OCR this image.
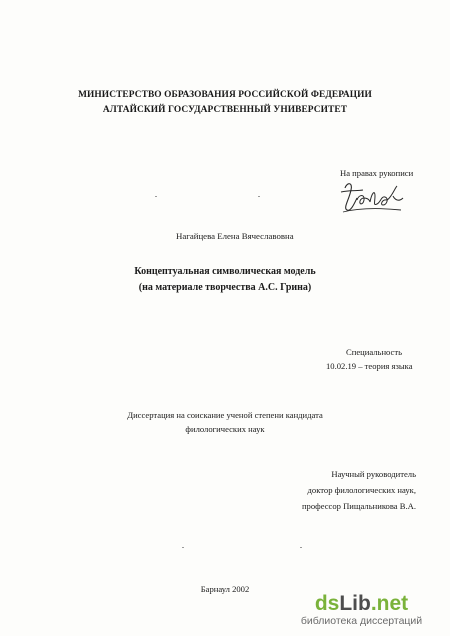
МИНИСТЕРСТВО ОБРАЗОВАНИЯ РОССИЙСКОЙ ФЕДЕРАЦИИ
АЛТАЙСКИЙ ГОСУДАРСТВЕННЫЙ УНИВЕРСИТЕТ
На правах рукописи
Нагайцева Елена Вячеславовна
Концептуальная символическая модель
(на материале творчества А.С. Грина)
Специальность
10.02.19 – теория языка
Диссертация на соискание ученой степени кандидата
филологических наук
Научный руководитель
доктор филологических наук,
профессор Пищальникова В.А.
Барнаул 2002
dsLib.net
библиотека диссертаций
